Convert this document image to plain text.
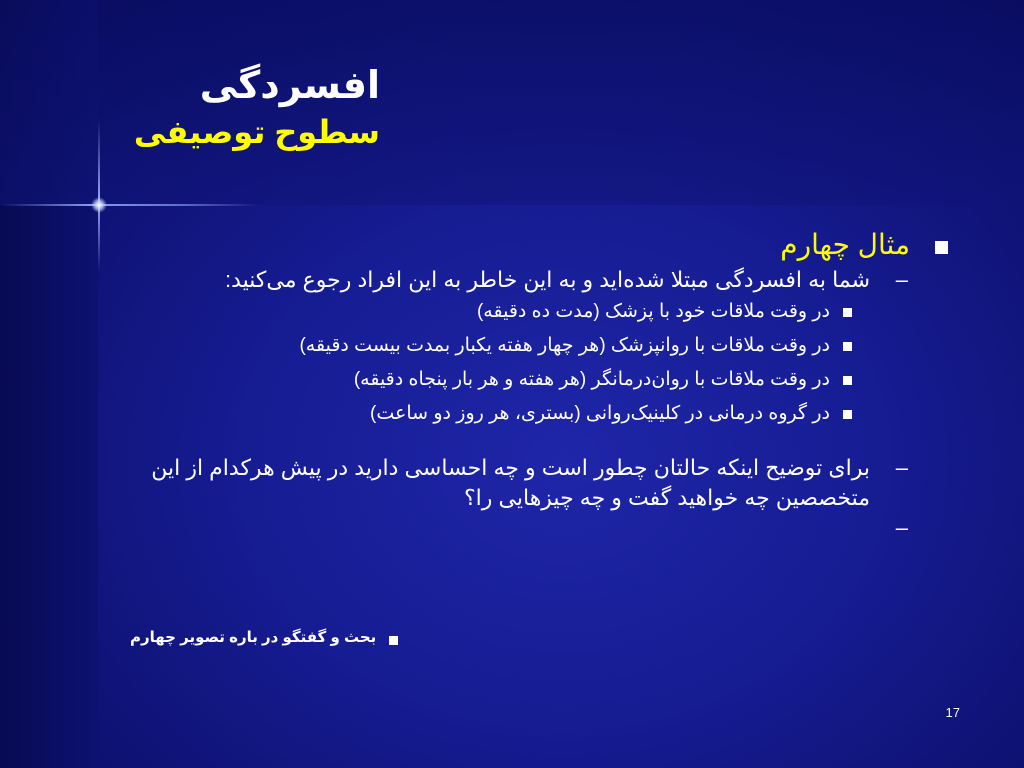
افسردگی
سطوح توصیفی
مثال چهارم
–
شما به افسردگی مبتلا شده‌اید و به این خاطر به این افراد رجوع می‌کنید:
در وقت ملاقات خود با پزشک (مدت ده دقیقه)
در وقت ملاقات با روانپزشک (هر چهار هفته یکبار بمدت بیست دقیقه)
در وقت ملاقات با روان‌درمانگر (هر هفته و هر بار پنجاه دقیقه)
در گروه درمانی در کلینیک‌روانی (بستری، هر روز دو ساعت)
–
برای توضیح اینکه حالتان چطور است و چه احساسی دارید در پیش هرکدام از این متخصصین چه خواهید گفت و چه چیزهایی را؟
–

بحث و گفتگو در باره تصویر چهارم
17
